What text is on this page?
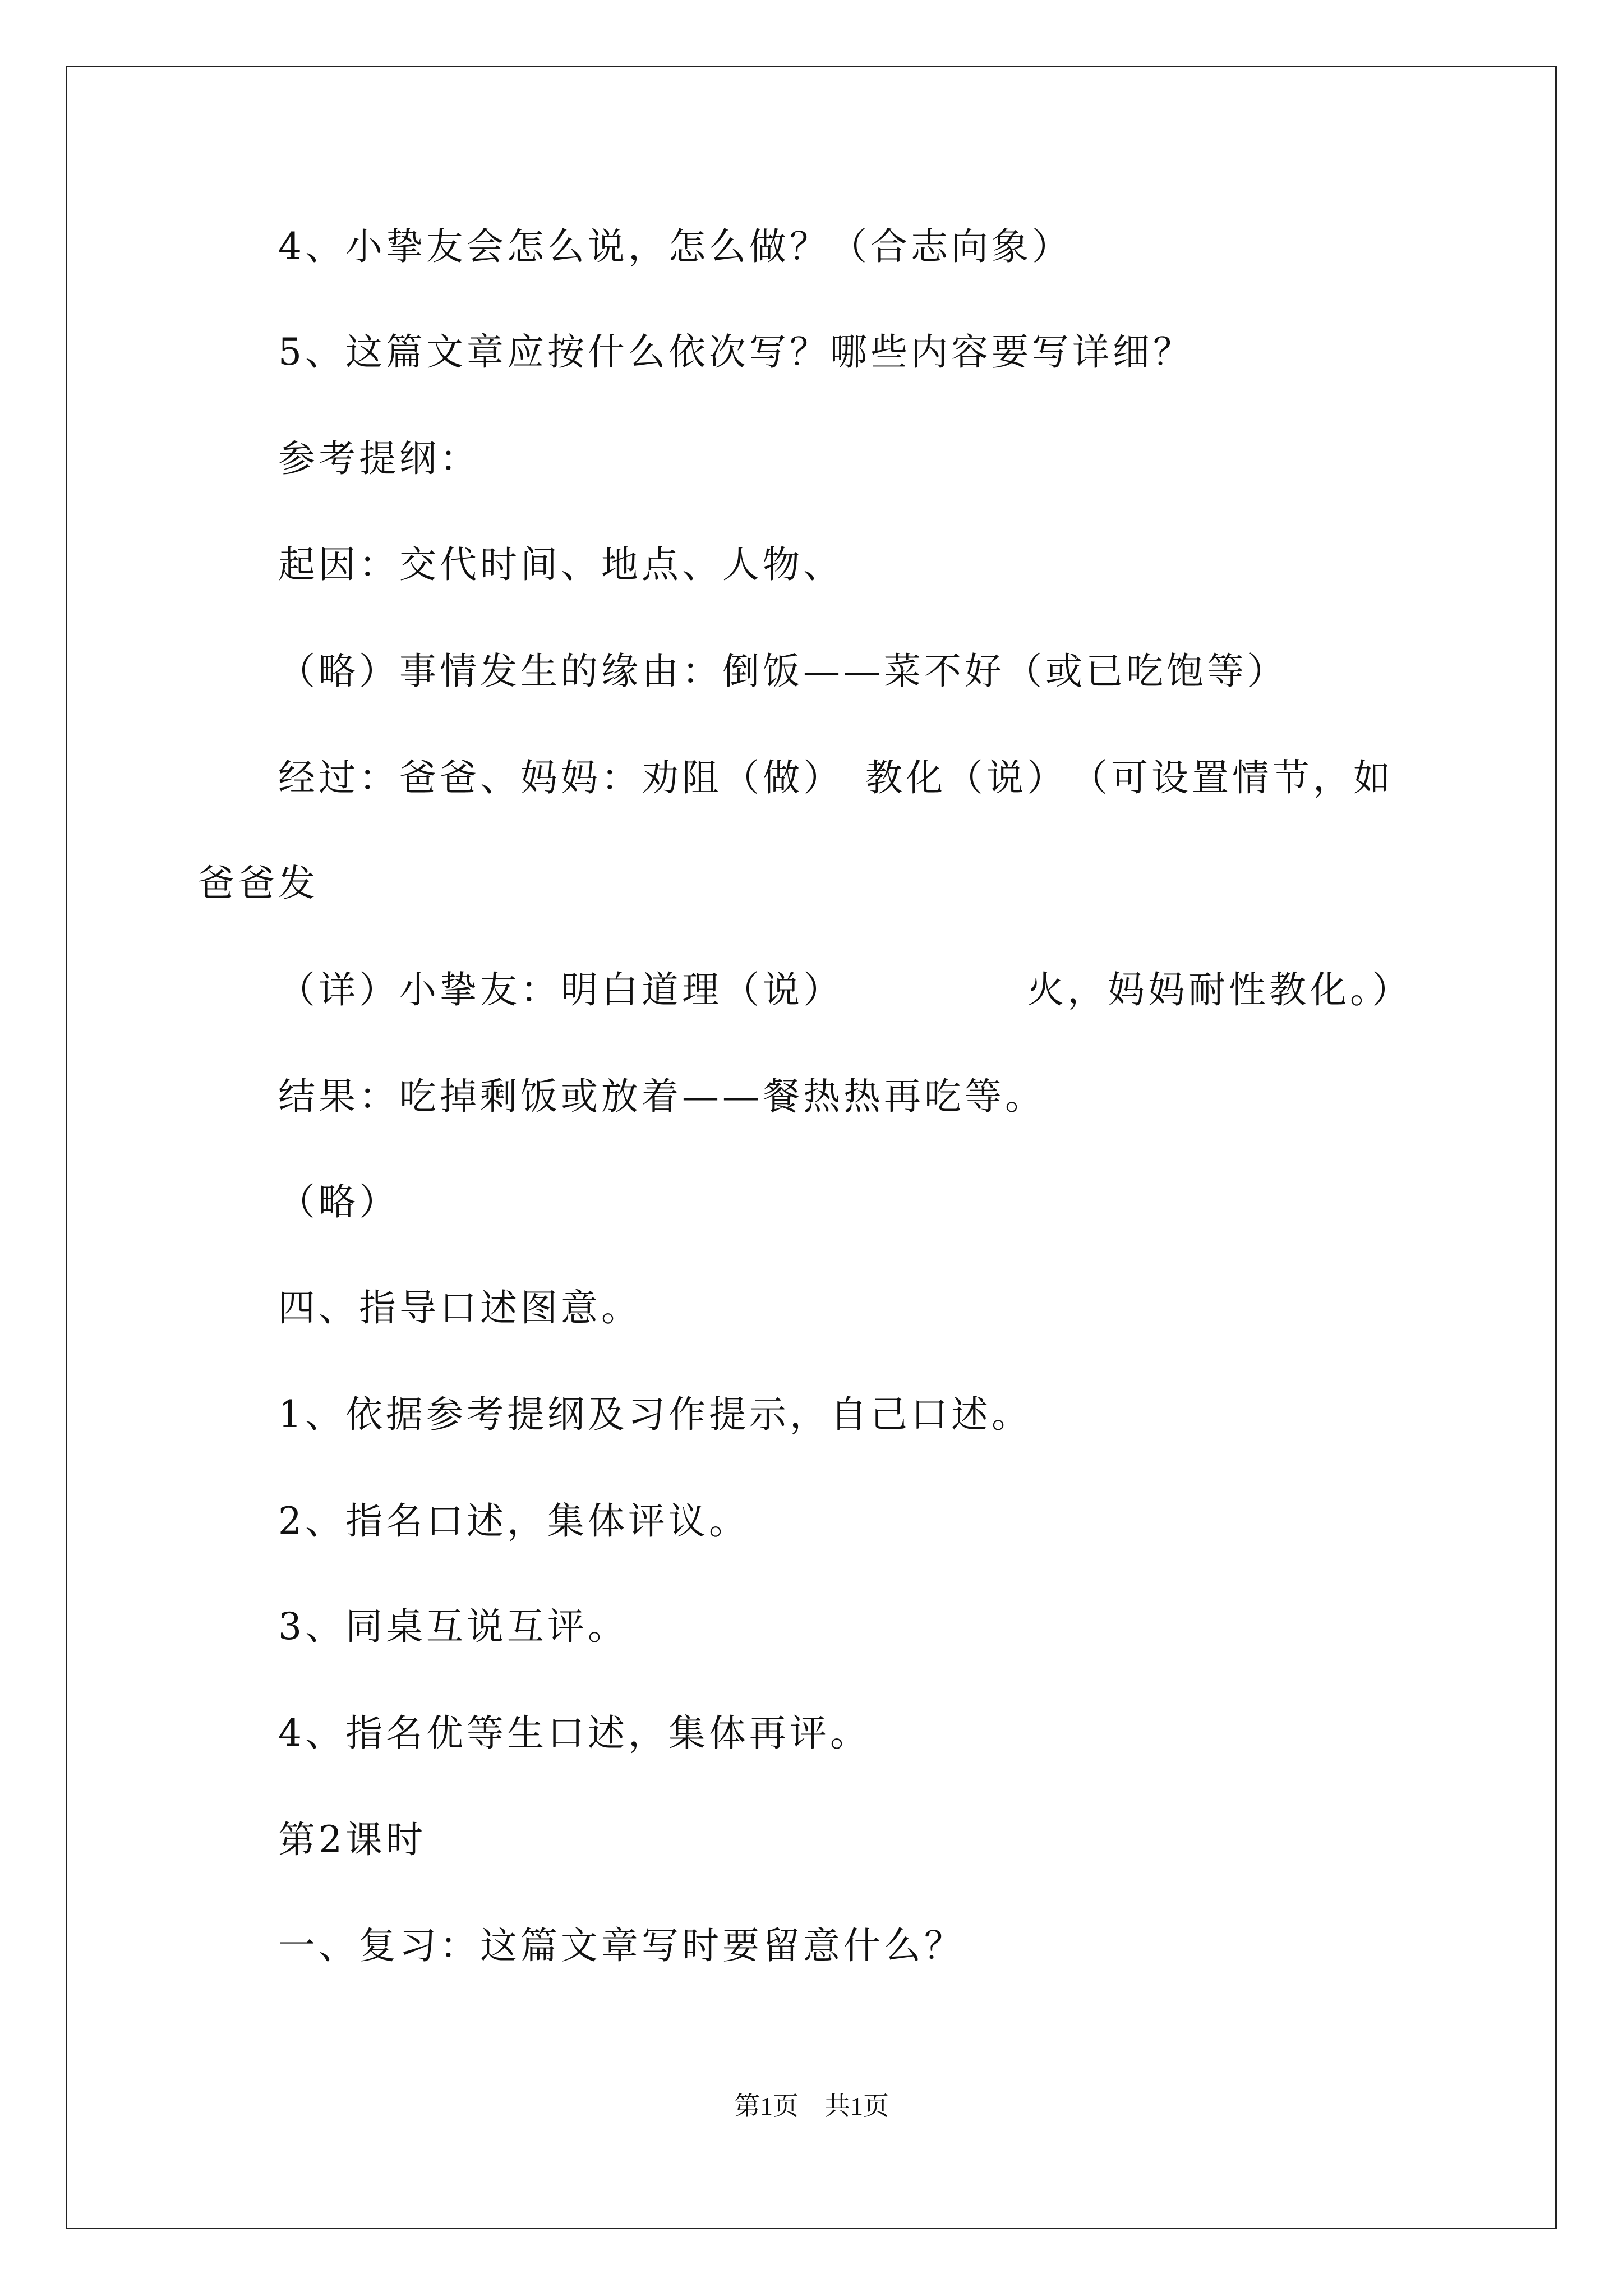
4、小挚友会怎么说，怎么做？（合志向象）
5、这篇文章应按什么依次写？哪些内容要写详细？
参考提纲：
起因：交代时间、地点、人物、
（略）事情发生的缘由：倒饭——菜不好（或已吃饱等）
经过：爸爸、妈妈：劝阻（做）　教化（说）　（可设置情节，如
爸爸发
（详）小挚友：明白道理（说）　　　　　火，妈妈耐性教化。）
结果：吃掉剩饭或放着——餐热热再吃等。
（略）
四、指导口述图意。
1、依据参考提纲及习作提示，自己口述。
2、指名口述，集体评议。
3、同桌互说互评。
4、指名优等生口述，集体再评。
第2课时
一、复习：这篇文章写时要留意什么？
第1页　共1页
